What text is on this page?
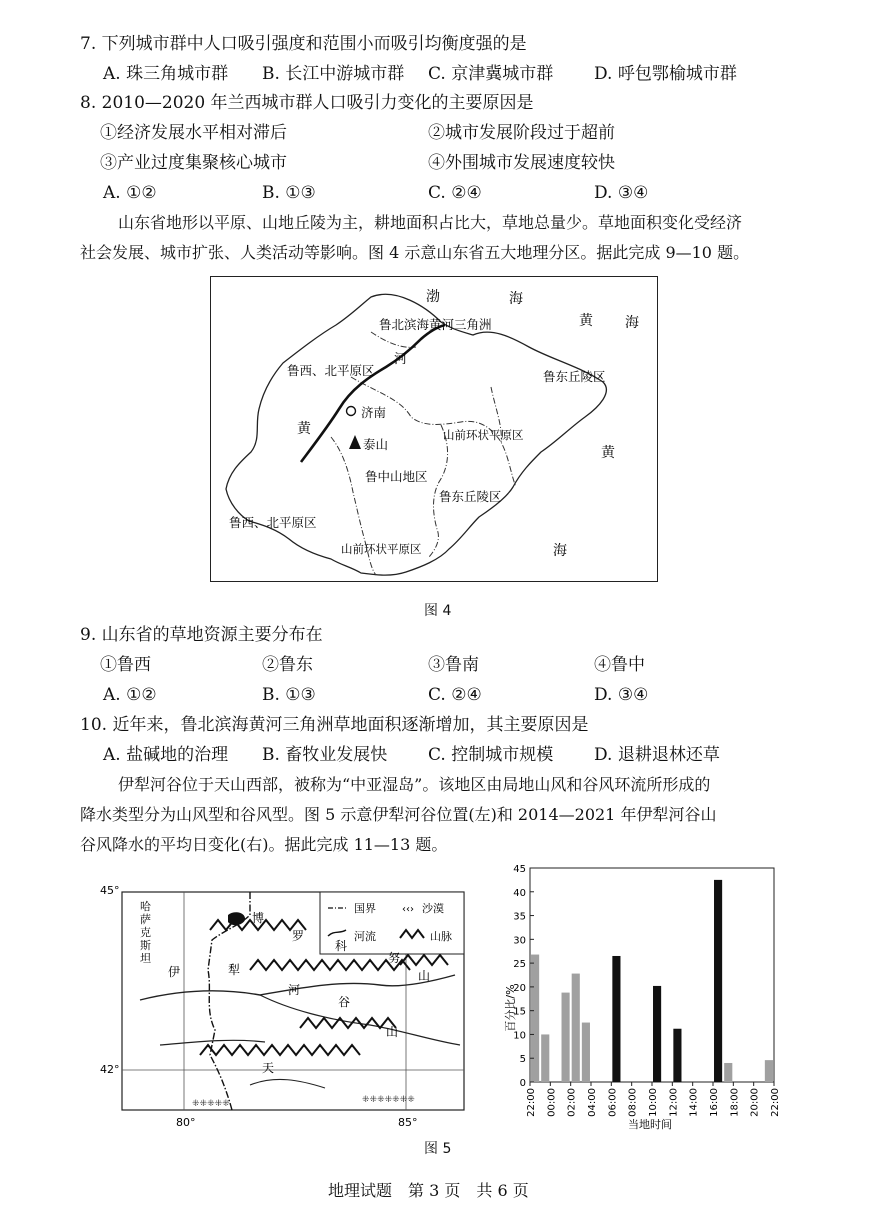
7. 下列城市群中人口吸引强度和范围小而吸引均衡度强的是
A. 珠三角城市群 B. 长江中游城市群 C. 京津冀城市群 D. 呼包鄂榆城市群
8. 2010—2020 年兰西城市群人口吸引力变化的主要原因是
①经济发展水平相对滞后	②城市发展阶段过于超前
③产业过度集聚核心城市	④外围城市发展速度较快
A. ①②	B. ①③	C. ②④	D. ③④
山东省地形以平原、山地丘陵为主，耕地面积占比大，草地总量少。草地面积变化受经济
社会发展、城市扩张、人类活动等影响。图 4 示意山东省五大地理分区。据此完成 9—10 题。
渤	海
黄 海
鲁北滨海黄河三角洲
河
鲁西、北平原区	鲁东丘陵区
济南
黄
泰山
山前环状平原区
黄
鲁中山地区
鲁东丘陵区
鲁西、北平原区
海
山前环状平原区
图 4
9. 山东省的草地资源主要分布在
①鲁西	②鲁东	③鲁南	④鲁中
A. ①②	B. ①③	C. ②④	D. ③④
10. 近年来，鲁北滨海黄河三角洲草地面积逐渐增加，其主要原因是
A. 盐碱地的治理 B. 畜牧业发展快 C. 控制城市规模 D. 退耕退林还草
伊犁河谷位于天山西部，被称为“中亚湿岛”。该地区由局地山风和谷风环流所形成的
降水类型分为山风型和谷风型。图 5 示意伊犁河谷位置(左)和 2014—2021 年伊犁河谷山
谷风降水的平均日变化(右)。据此完成 11—13 题。
45°
42°
80°	85°
⁜⁜⁜⁜⁜	⁜⁜⁜⁜⁜⁜⁜
国界	‹‹› 沙漠
河流	山脉
哈
萨
克
斯
坦
博
罗
科
努
山
伊	犁
河
谷
山
天
0
5
10
15
20
25
30
35
40
45
22:00 00:00 02:00 04:00 06:00 08:00 10:00 12:00 14:00 16:00 18:00 20:00 22:00
百分比/%
当地时间
图 5
地理试题　第 3 页　共 6 页
